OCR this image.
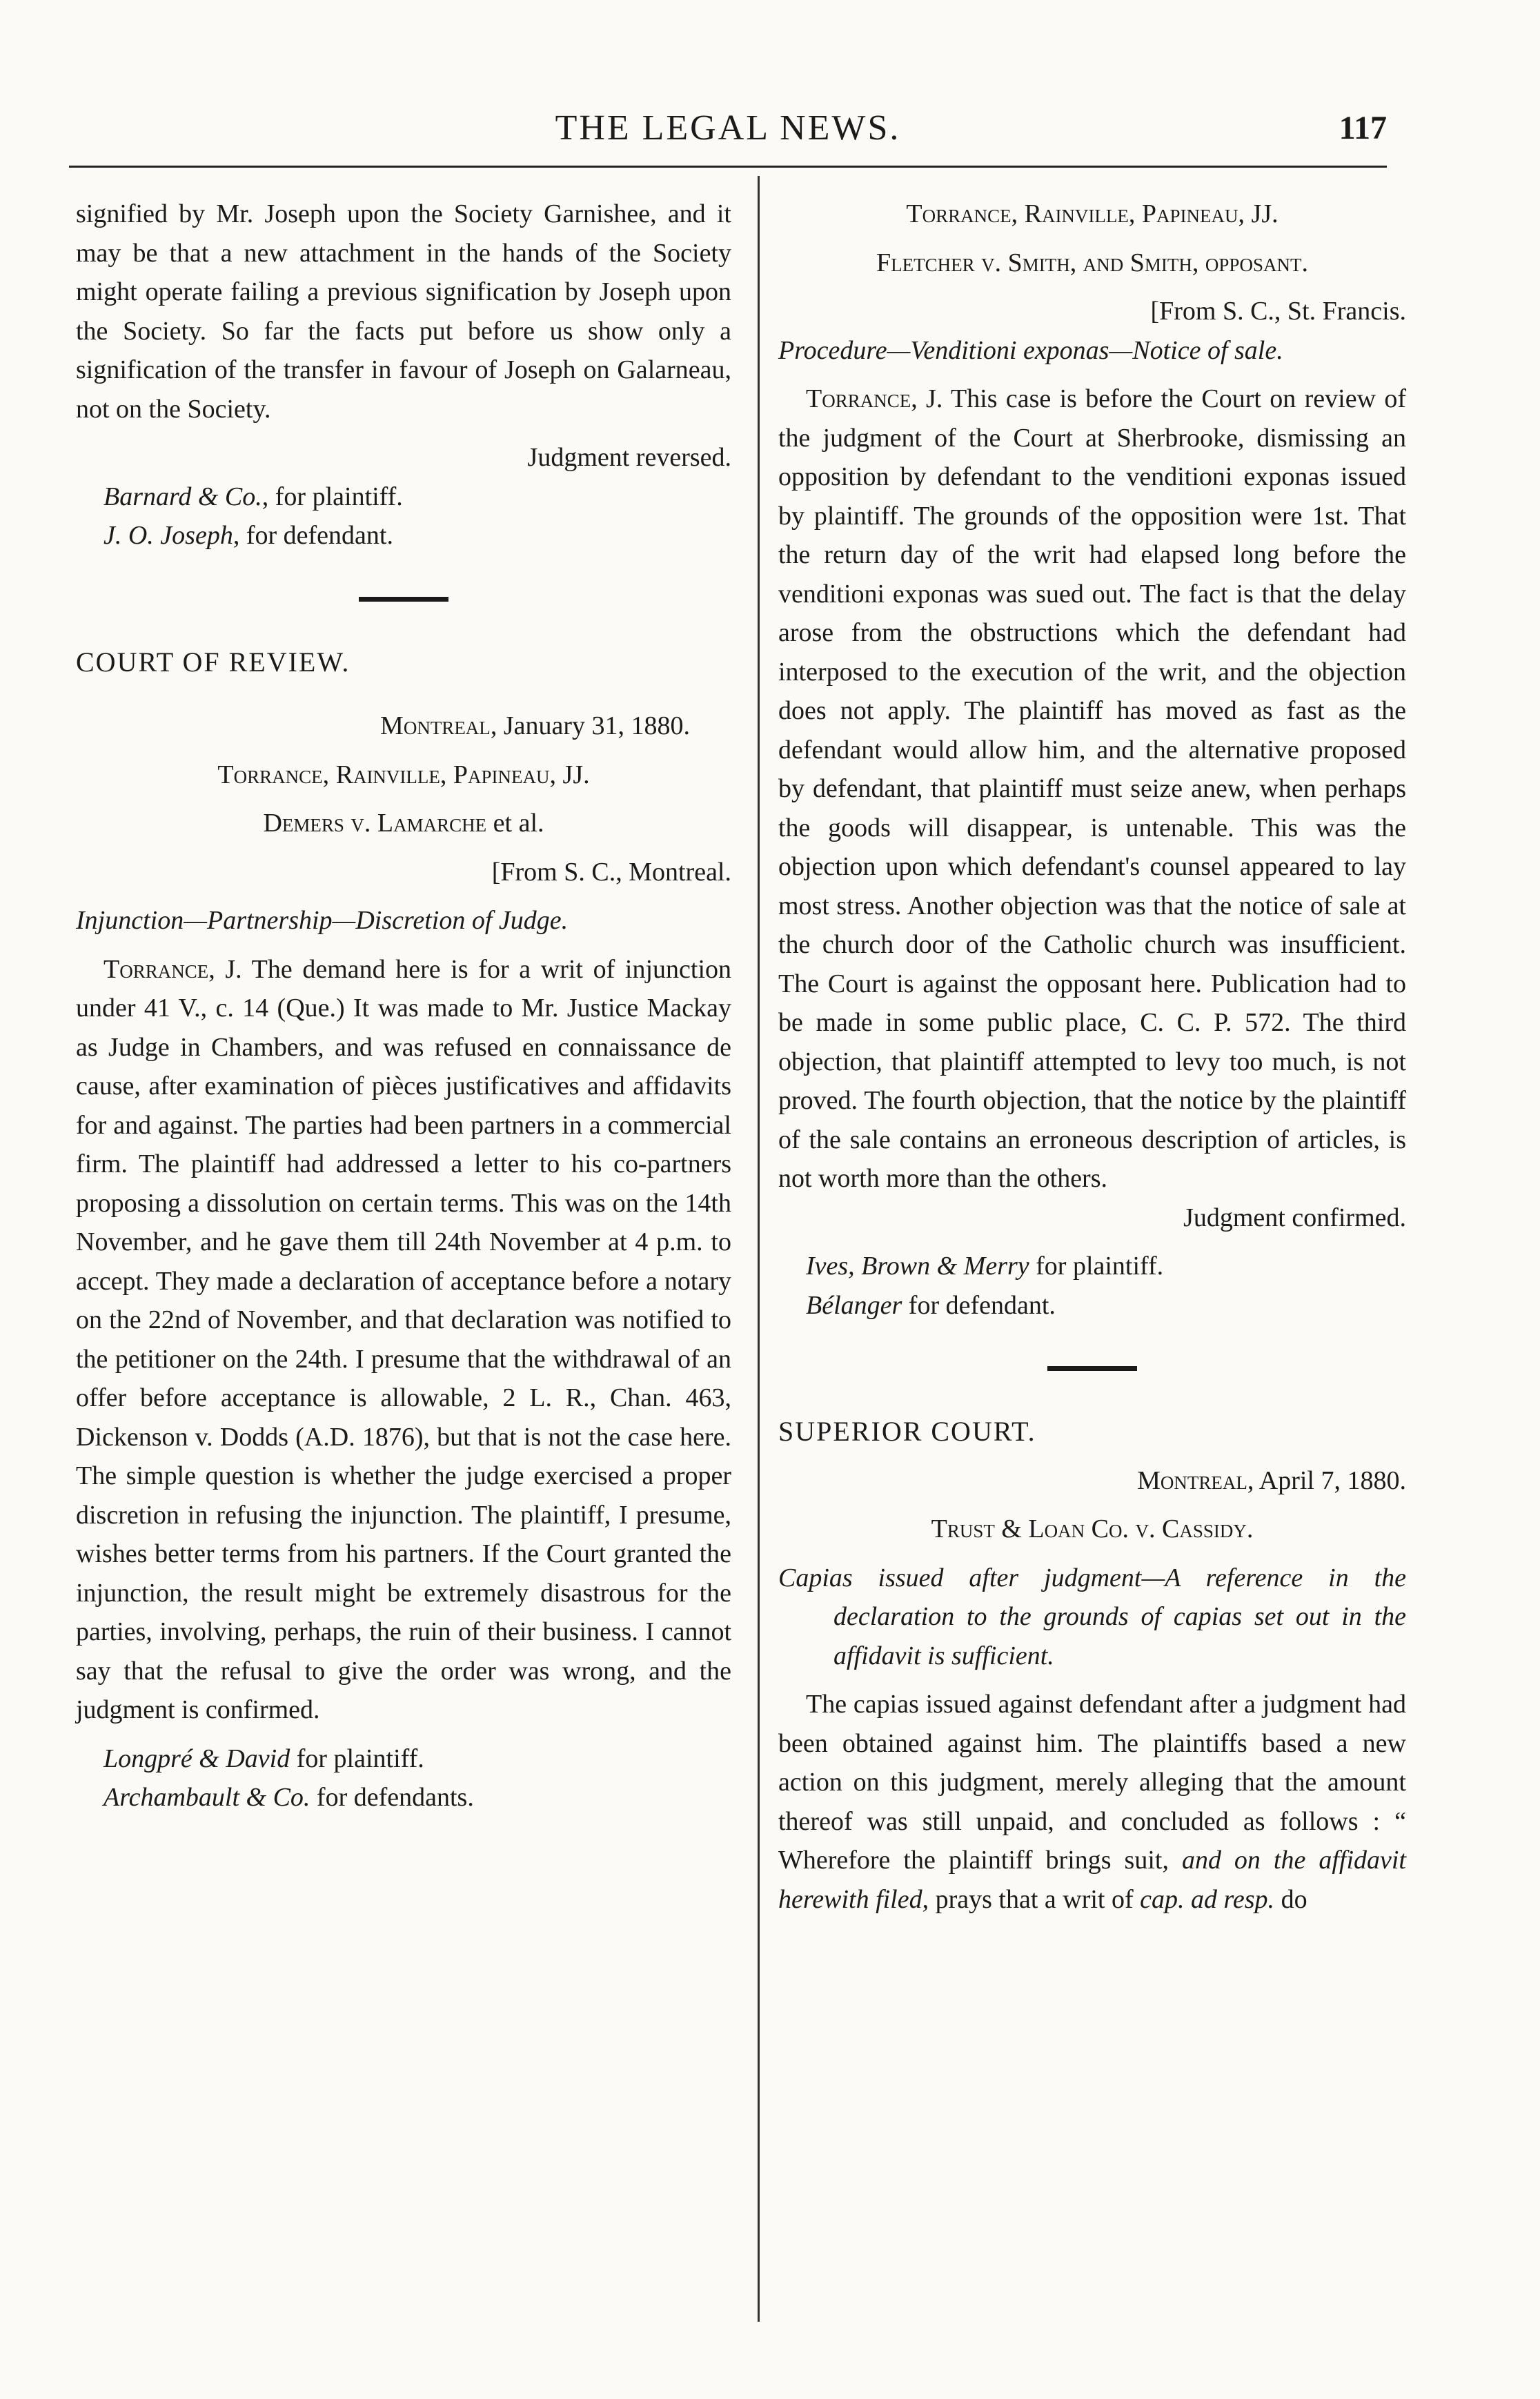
THE LEGAL NEWS.	117

signified by Mr. Joseph upon the Society Garnishee, and it may be that a new attachment in the hands of the Society might operate failing a previous signification by Joseph upon the Society. So far the facts put before us show only a signification of the transfer in favour of Joseph on Galarneau, not on the Society.

Judgment reversed.

Barnard & Co., for plaintiff.

J. O. Joseph, for defendant.

COURT OF REVIEW.

Montreal, January 31, 1880.

Torrance, Rainville, Papineau, JJ.

Demers v. Lamarche et al.

[From S. C., Montreal.

Injunction—Partnership—Discretion of Judge.

Torrance, J. The demand here is for a writ of injunction under 41 V., c. 14 (Que.) It was made to Mr. Justice Mackay as Judge in Chambers, and was refused en connaissance de cause, after examination of pièces justificatives and affidavits for and against. The parties had been partners in a commercial firm. The plaintiff had addressed a letter to his co-partners proposing a dissolution on certain terms. This was on the 14th November, and he gave them till 24th November at 4 p.m. to accept. They made a declaration of acceptance before a notary on the 22nd of November, and that declaration was notified to the petitioner on the 24th. I presume that the withdrawal of an offer before acceptance is allowable, 2 L. R., Chan. 463, Dickenson v. Dodds (A.D. 1876), but that is not the case here. The simple question is whether the judge exercised a proper discretion in refusing the injunction. The plaintiff, I presume, wishes better terms from his partners. If the Court granted the injunction, the result might be extremely disastrous for the parties, involving, perhaps, the ruin of their business. I cannot say that the refusal to give the order was wrong, and the judgment is confirmed.

Longpré & David for plaintiff.

Archambault & Co. for defendants.

Torrance, Rainville, Papineau, JJ.

Fletcher v. Smith, and Smith, opposant.

[From S. C., St. Francis.

Procedure—Venditioni exponas—Notice of sale.

Torrance, J. This case is before the Court on review of the judgment of the Court at Sherbrooke, dismissing an opposition by defendant to the venditioni exponas issued by plaintiff. The grounds of the opposition were 1st. That the return day of the writ had elapsed long before the venditioni exponas was sued out. The fact is that the delay arose from the obstructions which the defendant had interposed to the execution of the writ, and the objection does not apply. The plaintiff has moved as fast as the defendant would allow him, and the alternative proposed by defendant, that plaintiff must seize anew, when perhaps the goods will disappear, is untenable. This was the objection upon which defendant's counsel appeared to lay most stress. Another objection was that the notice of sale at the church door of the Catholic church was insufficient. The Court is against the opposant here. Publication had to be made in some public place, C. C. P. 572. The third objection, that plaintiff attempted to levy too much, is not proved. The fourth objection, that the notice by the plaintiff of the sale contains an erroneous description of articles, is not worth more than the others.

Judgment confirmed.

Ives, Brown & Merry for plaintiff.

Bélanger for defendant.

SUPERIOR COURT.

Montreal, April 7, 1880.

Trust & Loan Co. v. Cassidy.

Capias issued after judgment—A reference in the declaration to the grounds of capias set out in the affidavit is sufficient.

The capias issued against defendant after a judgment had been obtained against him. The plaintiffs based a new action on this judgment, merely alleging that the amount thereof was still unpaid, and concluded as follows : “ Wherefore the plaintiff brings suit, and on the affidavit herewith filed, prays that a writ of cap. ad resp. do
